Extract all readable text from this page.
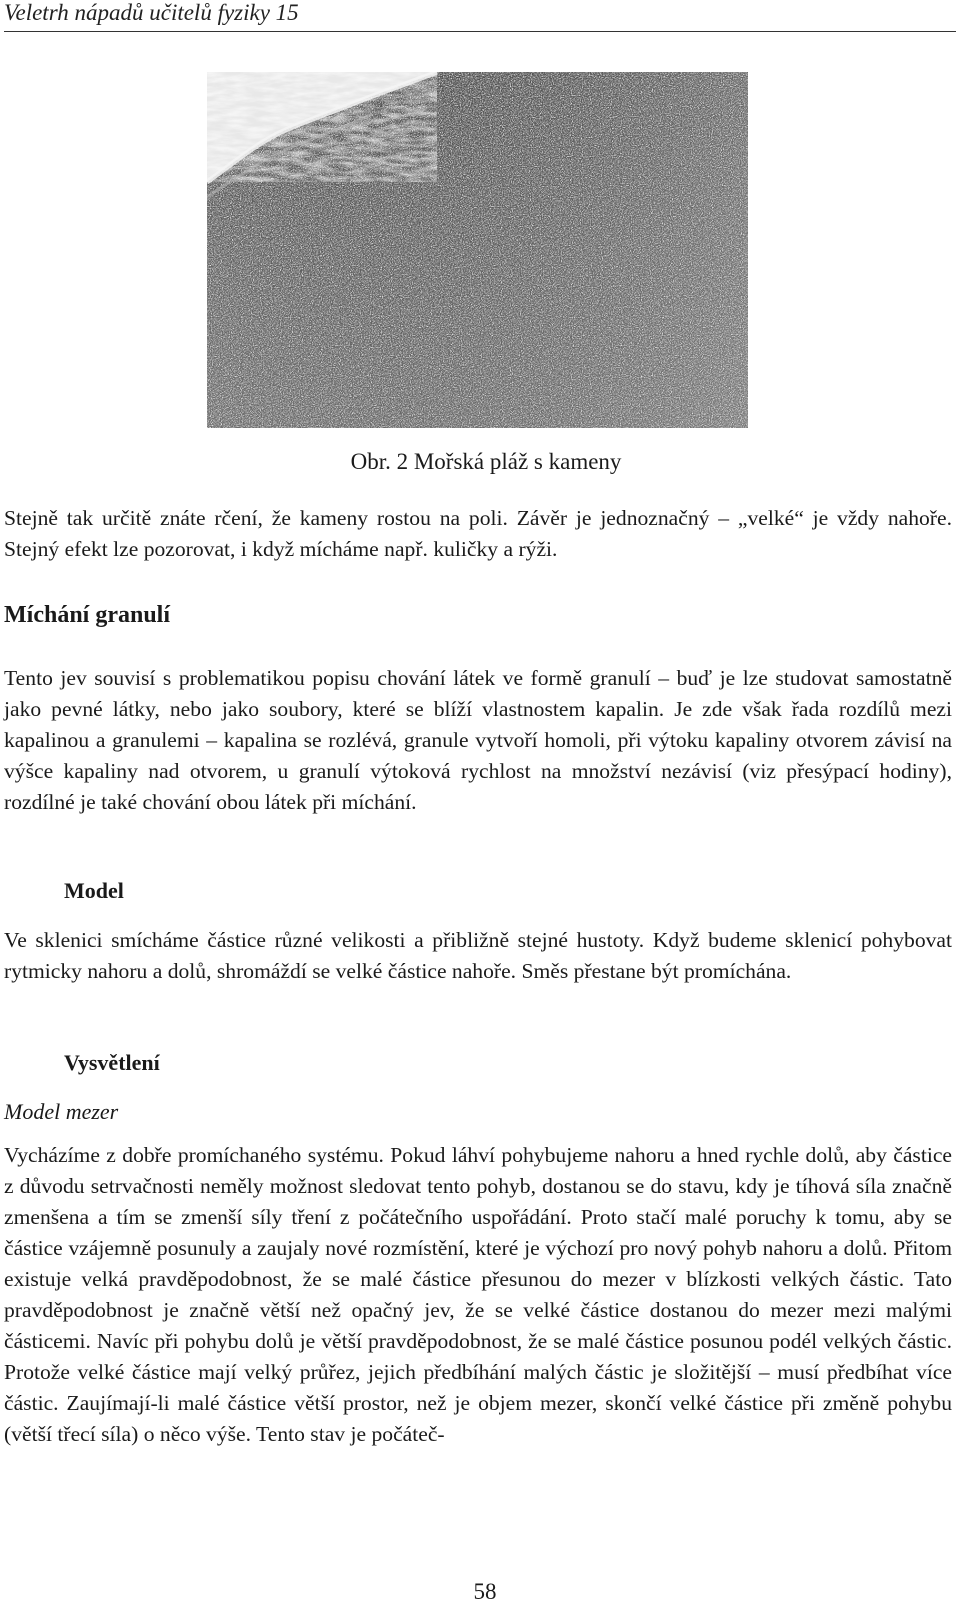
Veletrh nápadů učitelů fyziky 15
Obr. 2 Mořská pláž s kameny

Stejně tak určitě znáte rčení, že kameny rostou na poli. Závěr je jednoznačný – „velké“ je vždy nahoře. Stejný efekt lze pozorovat, i když mícháme např. kuličky a rýži.

Míchání granulí

Tento jev souvisí s problematikou popisu chování látek ve formě granulí – buď je lze studovat samostatně jako pevné látky, nebo jako soubory, které se blíží vlastnostem kapalin. Je zde však řada rozdílů mezi kapalinou a granulemi – kapalina se rozlévá, granule vytvoří homoli, při výtoku kapaliny otvorem závisí na výšce kapaliny nad otvorem, u granulí výtoková rychlost na množství nezávisí (viz přesýpací hodiny), rozdílné je také chování obou látek při míchání.

Model

Ve sklenici smícháme částice různé velikosti a přibližně stejné hustoty. Když budeme sklenicí pohybovat rytmicky nahoru a dolů, shromáždí se velké částice nahoře. Směs přestane být promíchána.

Vysvětlení
Model mezer

Vycházíme z dobře promíchaného systému. Pokud láhví pohybujeme nahoru a hned rychle dolů, aby částice z důvodu setrvačnosti neměly možnost sledovat tento pohyb, dostanou se do stavu, kdy je tíhová síla značně zmenšena a tím se zmenší síly tření z počátečního uspořádání. Proto stačí malé poruchy k tomu, aby se částice vzájemně posunuly a zaujaly nové rozmístění, které je výchozí pro nový pohyb nahoru a dolů. Přitom existuje velká pravděpodobnost, že se malé částice přesunou do mezer v blízkosti velkých částic. Tato pravděpodobnost je značně větší než opačný jev, že se velké částice dostanou do mezer mezi malými částicemi. Navíc při pohybu dolů je větší pravděpodobnost, že se malé částice posunou podél velkých částic. Protože velké částice mají velký průřez, jejich předbíhání malých částic je složitější – musí předbíhat více částic. Zaujímají-li malé částice větší prostor, než je objem mezer, skončí velké částice při změně pohybu (větší třecí síla) o něco výše. Tento stav je počáteč-

58
